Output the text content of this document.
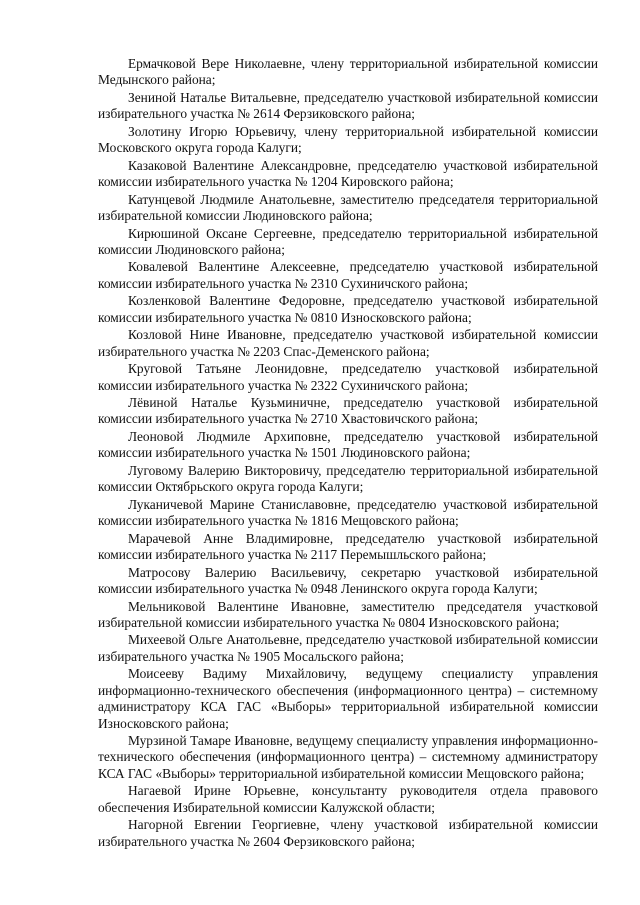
Ермачковой Вере Николаевне, члену территориальной избирательной комиссии Медынского района;

Зениной Наталье Витальевне, председателю участковой избирательной комиссии избирательного участка № 2614 Ферзиковского района;

Золотину Игорю Юрьевичу, члену территориальной избирательной комиссии Московского округа города Калуги;

Казаковой Валентине Александровне, председателю участковой избирательной комиссии избирательного участка № 1204 Кировского района;

Катунцевой Людмиле Анатольевне, заместителю председателя территориальной избирательной комиссии Людиновского района;

Кирюшиной Оксане Сергеевне, председателю территориальной избирательной комиссии Людиновского района;

Ковалевой Валентине Алексеевне, председателю участковой избирательной комиссии избирательного участка № 2310 Сухиничского района;

Козленковой Валентине Федоровне, председателю участковой избирательной комиссии избирательного участка № 0810 Износковского района;

Козловой Нине Ивановне, председателю участковой избирательной комиссии избирательного участка № 2203 Спас-Деменского района;

Круговой Татьяне Леонидовне, председателю участковой избирательной комиссии избирательного участка № 2322 Сухиничского района;

Лёвиной Наталье Кузьминичне, председателю участковой избирательной комиссии избирательного участка № 2710 Хвастовичского района;

Леоновой Людмиле Архиповне, председателю участковой избирательной комиссии избирательного участка № 1501 Людиновского района;

Луговому Валерию Викторовичу, председателю территориальной избирательной комиссии Октябрьского округа города Калуги;

Луканичевой Марине Станиславовне, председателю участковой избирательной комиссии избирательного участка № 1816 Мещовского района;

Марачевой Анне Владимировне, председателю участковой избирательной комиссии избирательного участка № 2117 Перемышльского района;

Матросову Валерию Васильевичу, секретарю участковой избирательной комиссии избирательного участка № 0948 Ленинского округа города Калуги;

Мельниковой Валентине Ивановне, заместителю председателя участковой избирательной комиссии избирательного участка № 0804 Износковского района;

Михеевой Ольге Анатольевне, председателю участковой избирательной комиссии избирательного участка № 1905 Мосальского района;

Моисееву Вадиму Михайловичу, ведущему специалисту управления информационно-технического обеспечения (информационного центра) – системному администратору КСА ГАС «Выборы» территориальной избирательной комиссии Износковского района;

Мурзиной Тамаре Ивановне, ведущему специалисту управления информационно-технического обеспечения (информационного центра) – системному администратору КСА ГАС «Выборы» территориальной избирательной комиссии Мещовского района;

Нагаевой Ирине Юрьевне, консультанту руководителя отдела правового обеспечения Избирательной комиссии Калужской области;

Нагорной Евгении Георгиевне, члену участковой избирательной комиссии избирательного участка № 2604 Ферзиковского района;
